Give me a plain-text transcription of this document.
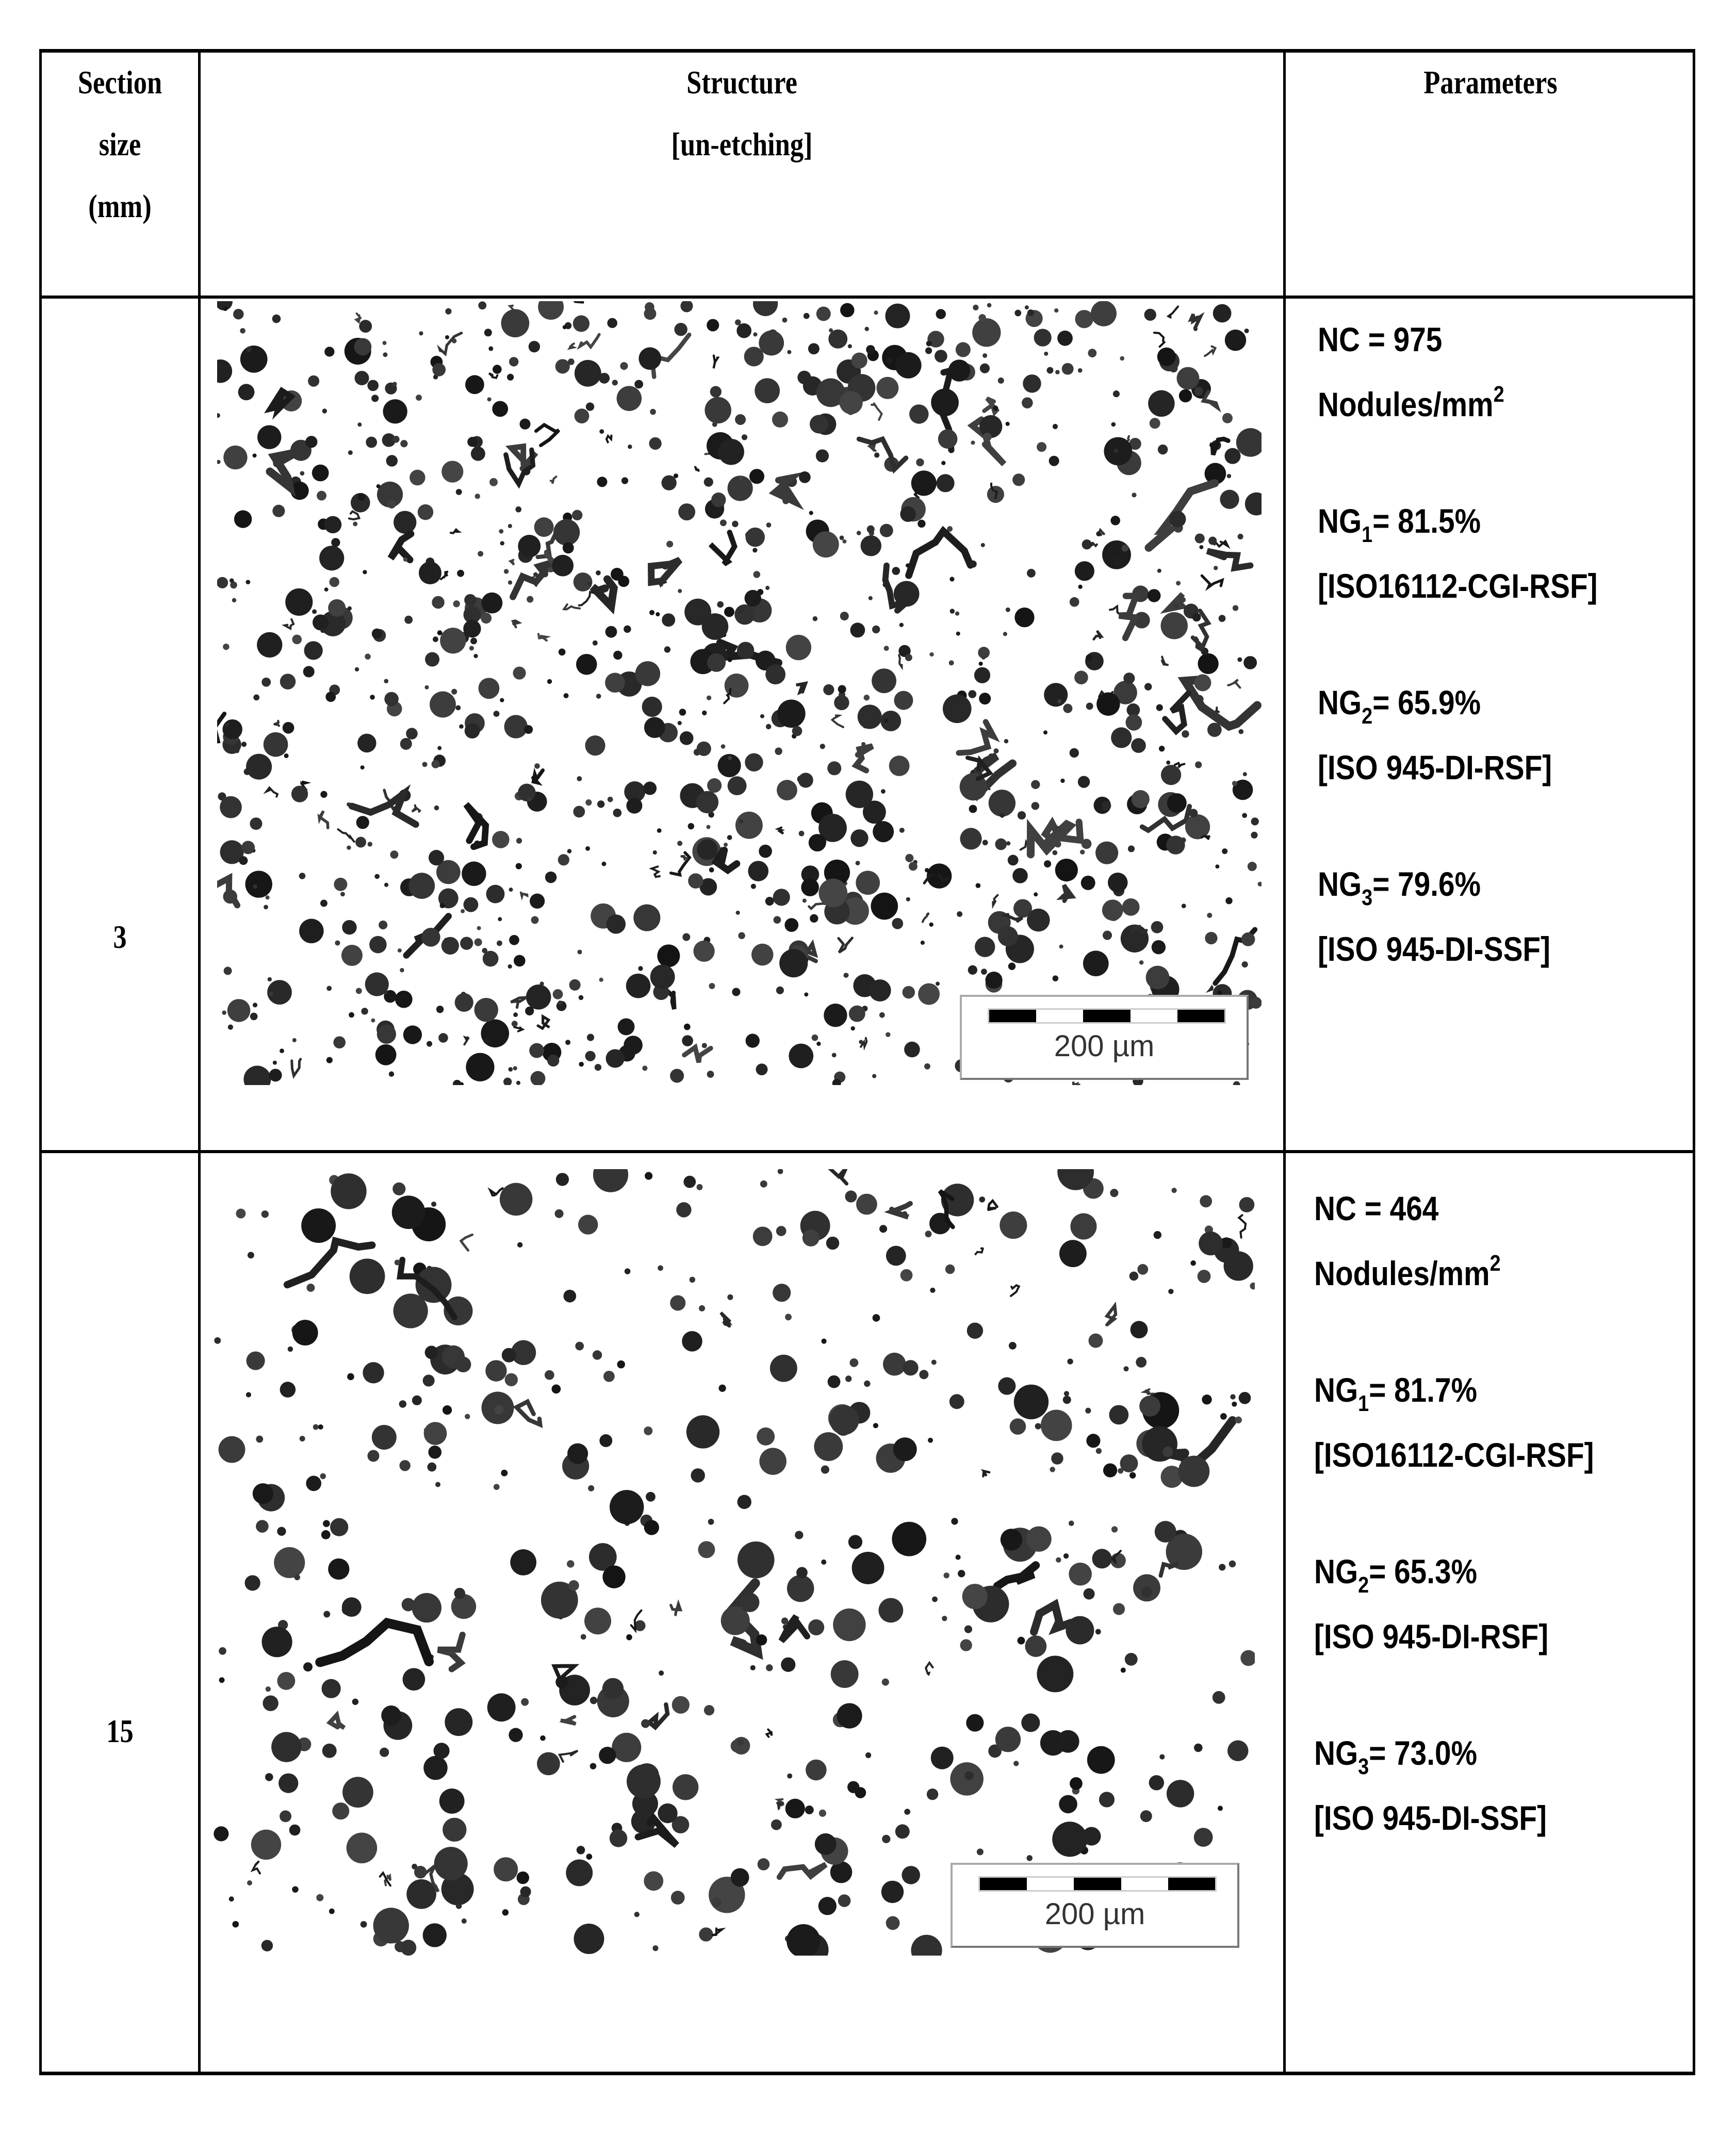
Section
size
(mm)
Structure
[un-etching]
Parameters
3
200 µm
NC = 975
Nodules/$mm^2$
$NG_1= 81.5\%$
[ISO16112-CGI-RSF]
$NG_2= 65.9\%$
[ISO 945-DI-RSF]
$NG_3= 79.6\%$
[ISO 945-DI-SSF]
15
200 µm
NC = 464
Nodules/$mm^2$
$NG_1= 81.7\%$
[ISO16112-CGI-RSF]
$NG_2= 65.3\%$
[ISO 945-DI-RSF]
$NG_3= 73.0\%$
[ISO 945-DI-SSF]
